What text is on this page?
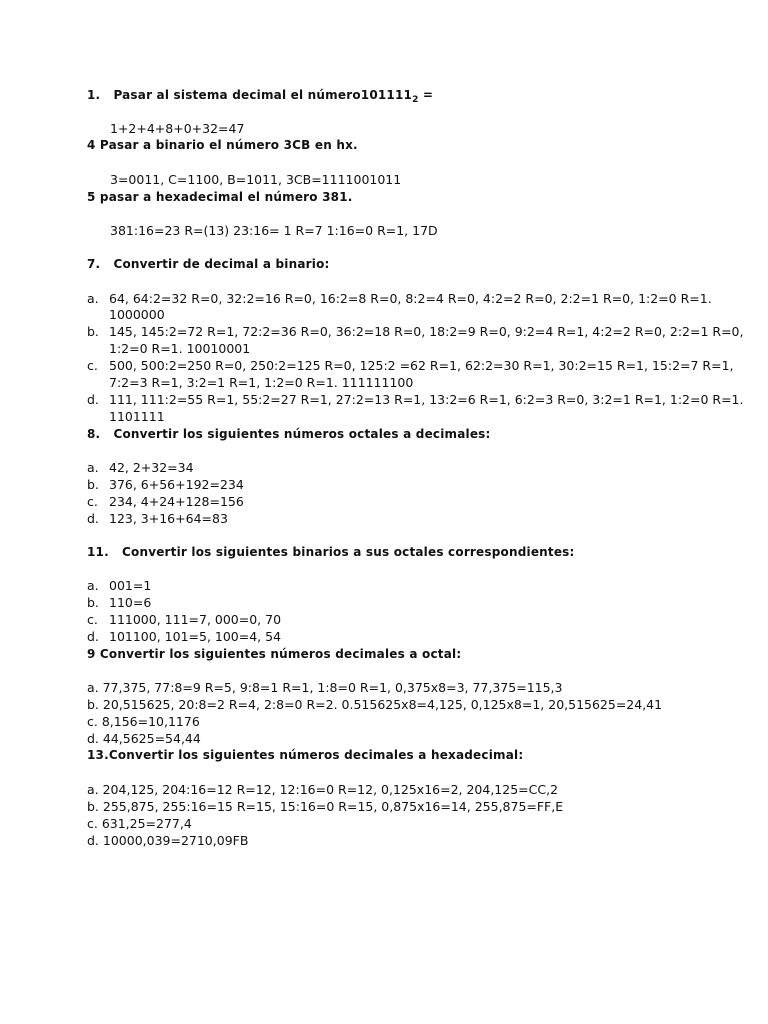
1. Pasar al sistema decimal el $número101111_2$ =
1+2+4+8+0+32=47
4 Pasar a binario el número 3CB en hx.
3=0011, C=1100, B=1011, 3CB=1111001011
5 pasar a hexadecimal el número 381.
381:16=23 R=(13) 23:16= 1 R=7 1:16=0 R=1, 17D
7. Convertir de decimal a binario:
a. 64, 64:2=32 R=0, 32:2=16 R=0, 16:2=8 R=0, 8:2=4 R=0, 4:2=2 R=0, 2:2=1 R=0, 1:2=0 R=1.
1000000
b. 145, 145:2=72 R=1, 72:2=36 R=0, 36:2=18 R=0, 18:2=9 R=0, 9:2=4 R=1, 4:2=2 R=0, 2:2=1 R=0,
1:2=0 R=1. 10010001
c. 500, 500:2=250 R=0, 250:2=125 R=0, 125:2 =62 R=1, 62:2=30 R=1, 30:2=15 R=1, 15:2=7 R=1,
7:2=3 R=1, 3:2=1 R=1, 1:2=0 R=1. 111111100
d. 111, 111:2=55 R=1, 55:2=27 R=1, 27:2=13 R=1, 13:2=6 R=1, 6:2=3 R=0, 3:2=1 R=1, 1:2=0 R=1.
1101111
8. Convertir los siguientes números octales a decimales:
a. 42, 2+32=34
b. 376, 6+56+192=234
c. 234, 4+24+128=156
d. 123, 3+16+64=83
11. Convertir los siguientes binarios a sus octales correspondientes:
a. 001=1
b. 110=6
c. 111000, 111=7, 000=0, 70
d. 101100, 101=5, 100=4, 54
9 Convertir los siguientes números decimales a octal:
a. 77,375, 77:8=9 R=5, 9:8=1 R=1, 1:8=0 R=1, 0,375x8=3, 77,375=115,3
b. 20,515625, 20:8=2 R=4, 2:8=0 R=2. 0.515625x8=4,125, 0,125x8=1, 20,515625=24,41
c. 8,156=10,1176
d. 44,5625=54,44
13.Convertir los siguientes números decimales a hexadecimal:
a. 204,125, 204:16=12 R=12, 12:16=0 R=12, 0,125x16=2, 204,125=CC,2
b. 255,875, 255:16=15 R=15, 15:16=0 R=15, 0,875x16=14, 255,875=FF,E
c. 631,25=277,4
d. 10000,039=2710,09FB
